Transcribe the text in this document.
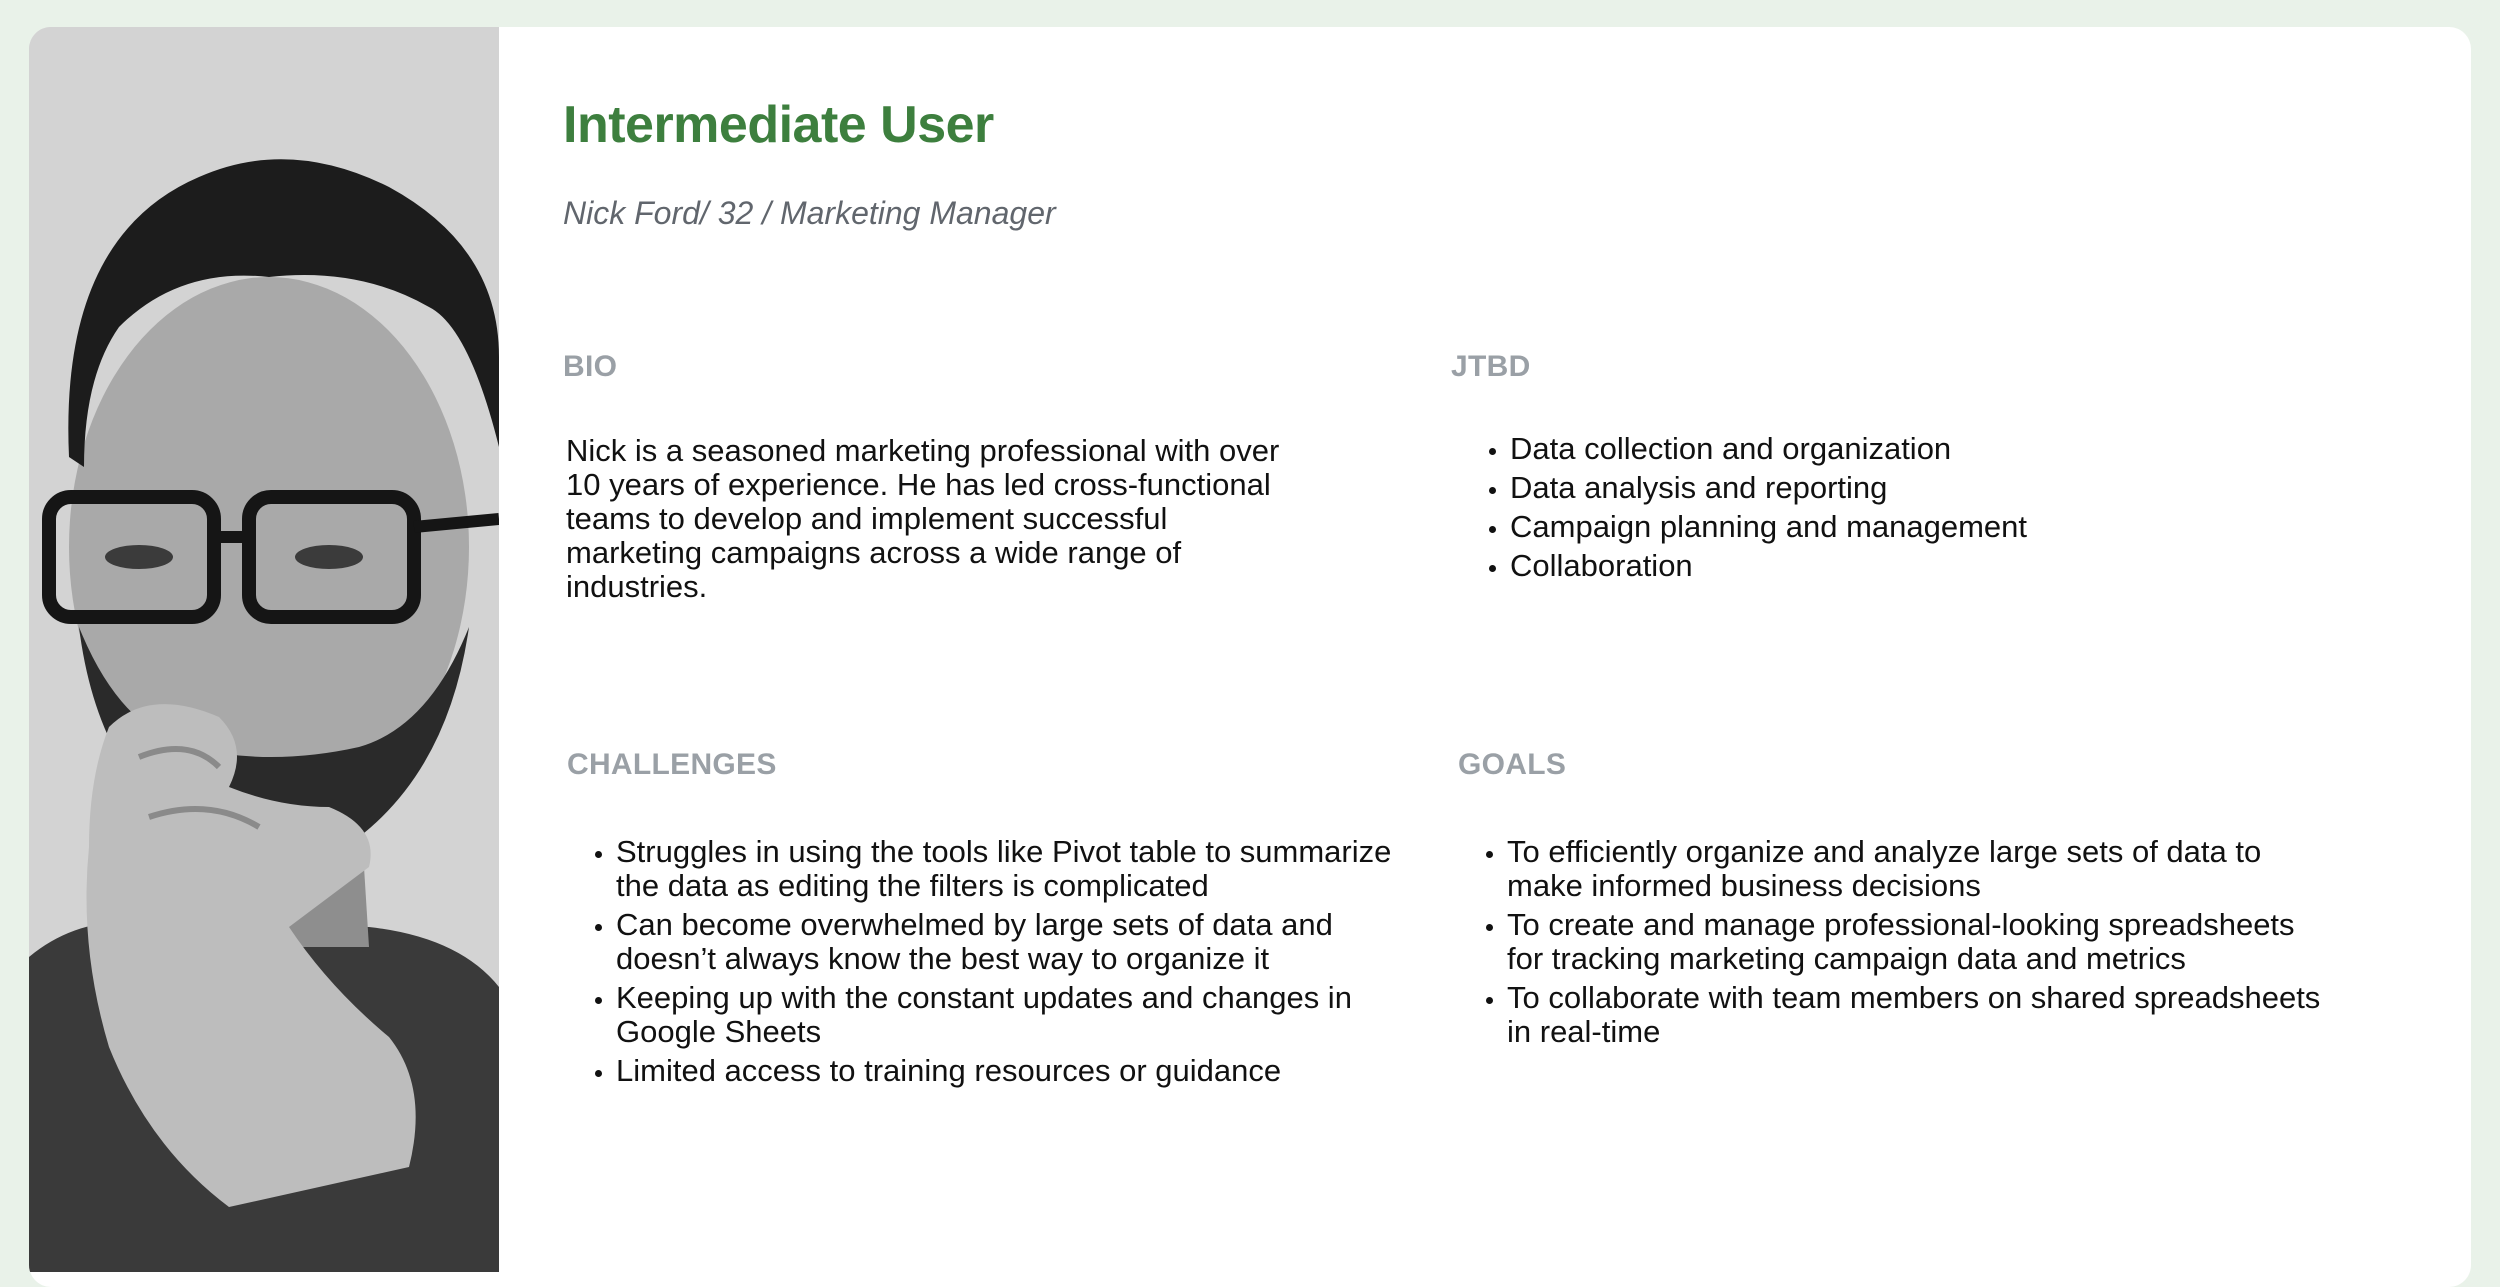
Intermediate User

Nick Ford/ 32 / Marketing Manager

BIO

Nick is a seasoned marketing professional with over 10 years of experience. He has led cross-functional teams to develop and implement successful marketing campaigns across a wide range of industries.

JTBD
• Data collection and organization
• Data analysis and reporting
• Campaign planning and management
• Collaboration
CHALLENGES
• Struggles in using the tools like Pivot table to summarize the data as editing the filters is complicated
• Can become overwhelmed by large sets of data and doesn’t always know the best way to organize it
• Keeping up with the constant updates and changes in Google Sheets
• Limited access to training resources or guidance
GOALS
• To efficiently organize and analyze large sets of data to make informed business decisions
• To create and manage professional-looking spreadsheets for tracking marketing campaign data and metrics
• To collaborate with team members on shared spreadsheets in real-time
